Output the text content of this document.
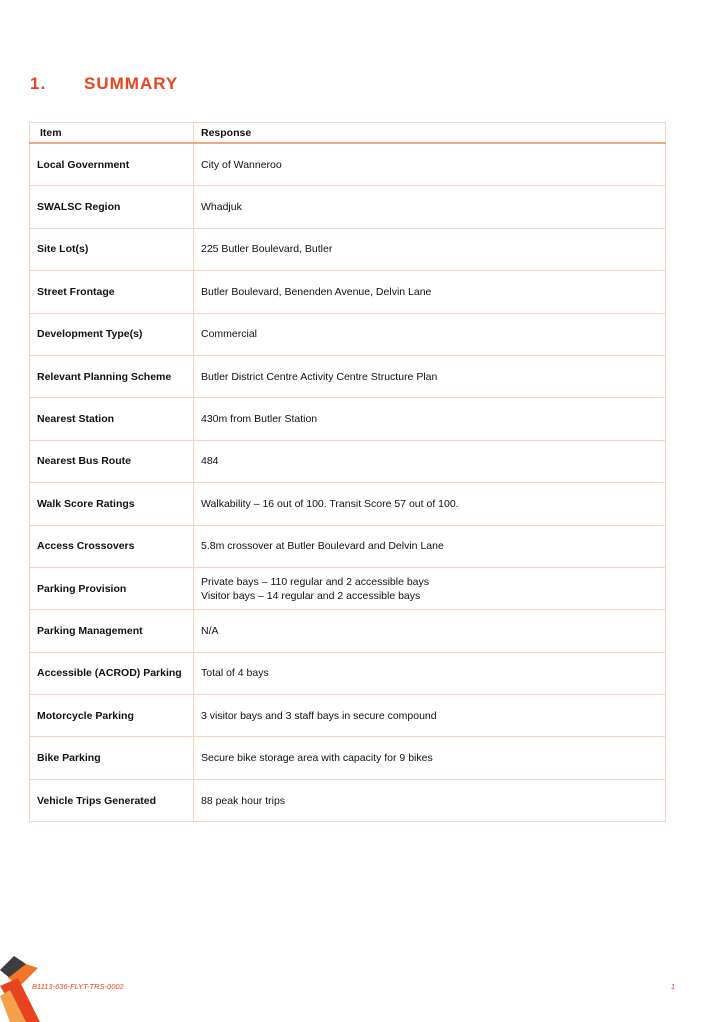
1. SUMMARY
Item	Response
Local Government	City of Wanneroo
SWALSC Region	Whadjuk
Site Lot(s)	225 Butler Boulevard, Butler
Street Frontage	Butler Boulevard, Benenden Avenue, Delvin Lane
Development Type(s)	Commercial
Relevant Planning Scheme	Butler District Centre Activity Centre Structure Plan
Nearest Station	430m from Butler Station
Nearest Bus Route	484
Walk Score Ratings	Walkability – 16 out of 100. Transit Score 57 out of 100.
Access Crossovers	5.8m crossover at Butler Boulevard and Delvin Lane
Parking Provision	Private bays – 110 regular and 2 accessible bays
Visitor bays – 14 regular and 2 accessible bays

Parking Management	N/A
Accessible (ACROD) Parking	Total of 4 bays
Motorcycle Parking	3 visitor bays and 3 staff bays in secure compound
Bike Parking	Secure bike storage area with capacity for 9 bikes
Vehicle Trips Generated	88 peak hour trips
B1113-636-FLYT-TRS-0002	1
